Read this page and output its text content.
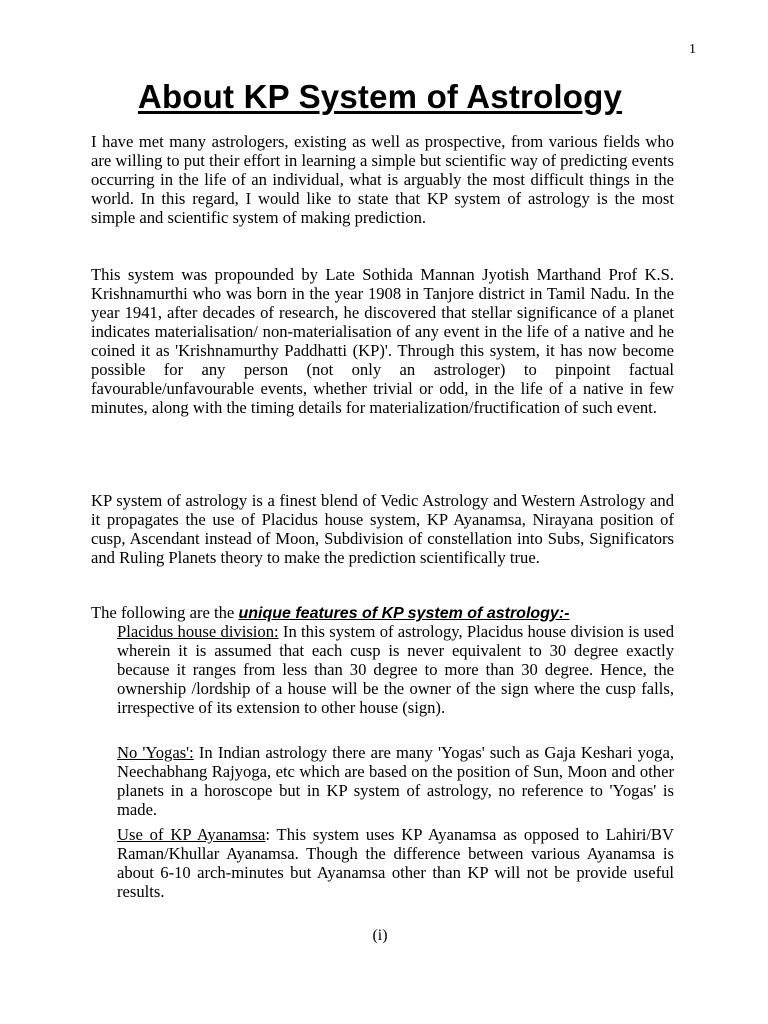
1
About KP System of Astrology

I have met many astrologers, existing as well as prospective, from various fields who are willing to put their effort in learning a simple but scientific way of predicting events occurring in the life of an individual, what is arguably the most difficult things in the world. In this regard, I would like to state that KP system of astrology is the most simple and scientific system of making prediction.

This system was propounded by Late Sothida Mannan Jyotish Marthand Prof K.S. Krishnamurthi who was born in the year 1908 in Tanjore district in Tamil Nadu. In the year 1941, after decades of research, he discovered that stellar significance of a planet indicates materialisation/ non-materialisation of any event in the life of a native and he coined it as 'Krishnamurthy Paddhatti (KP)'. Through this system, it has now become possible for any person (not only an astrologer) to pinpoint factual favourable/unfavourable events, whether trivial or odd, in the life of a native in few minutes, along with the timing details for materialization/fructification of such event.

KP system of astrology is a finest blend of Vedic Astrology and Western Astrology and it propagates the use of Placidus house system, KP Ayanamsa, Nirayana position of cusp, Ascendant instead of Moon, Subdivision of constellation into Subs, Significators and Ruling Planets theory to make the prediction scientifically true.

The following are the unique features of KP system of astrology:-

Placidus house division: In this system of astrology, Placidus house division is used wherein it is assumed that each cusp is never equivalent to 30 degree exactly because it ranges from less than 30 degree to more than 30 degree. Hence, the ownership /lordship of a house will be the owner of the sign where the cusp falls, irrespective of its extension to other house (sign).

No 'Yogas': In Indian astrology there are many 'Yogas' such as Gaja Keshari yoga, Neechabhang Rajyoga, etc which are based on the position of Sun, Moon and other planets in a horoscope but in KP system of astrology, no reference to 'Yogas' is made.

Use of KP Ayanamsa: This system uses KP Ayanamsa as opposed to Lahiri/BV Raman/Khullar Ayanamsa. Though the difference between various Ayanamsa is about 6-10 arch-minutes but Ayanamsa other than KP will not be provide useful results.

(i)
